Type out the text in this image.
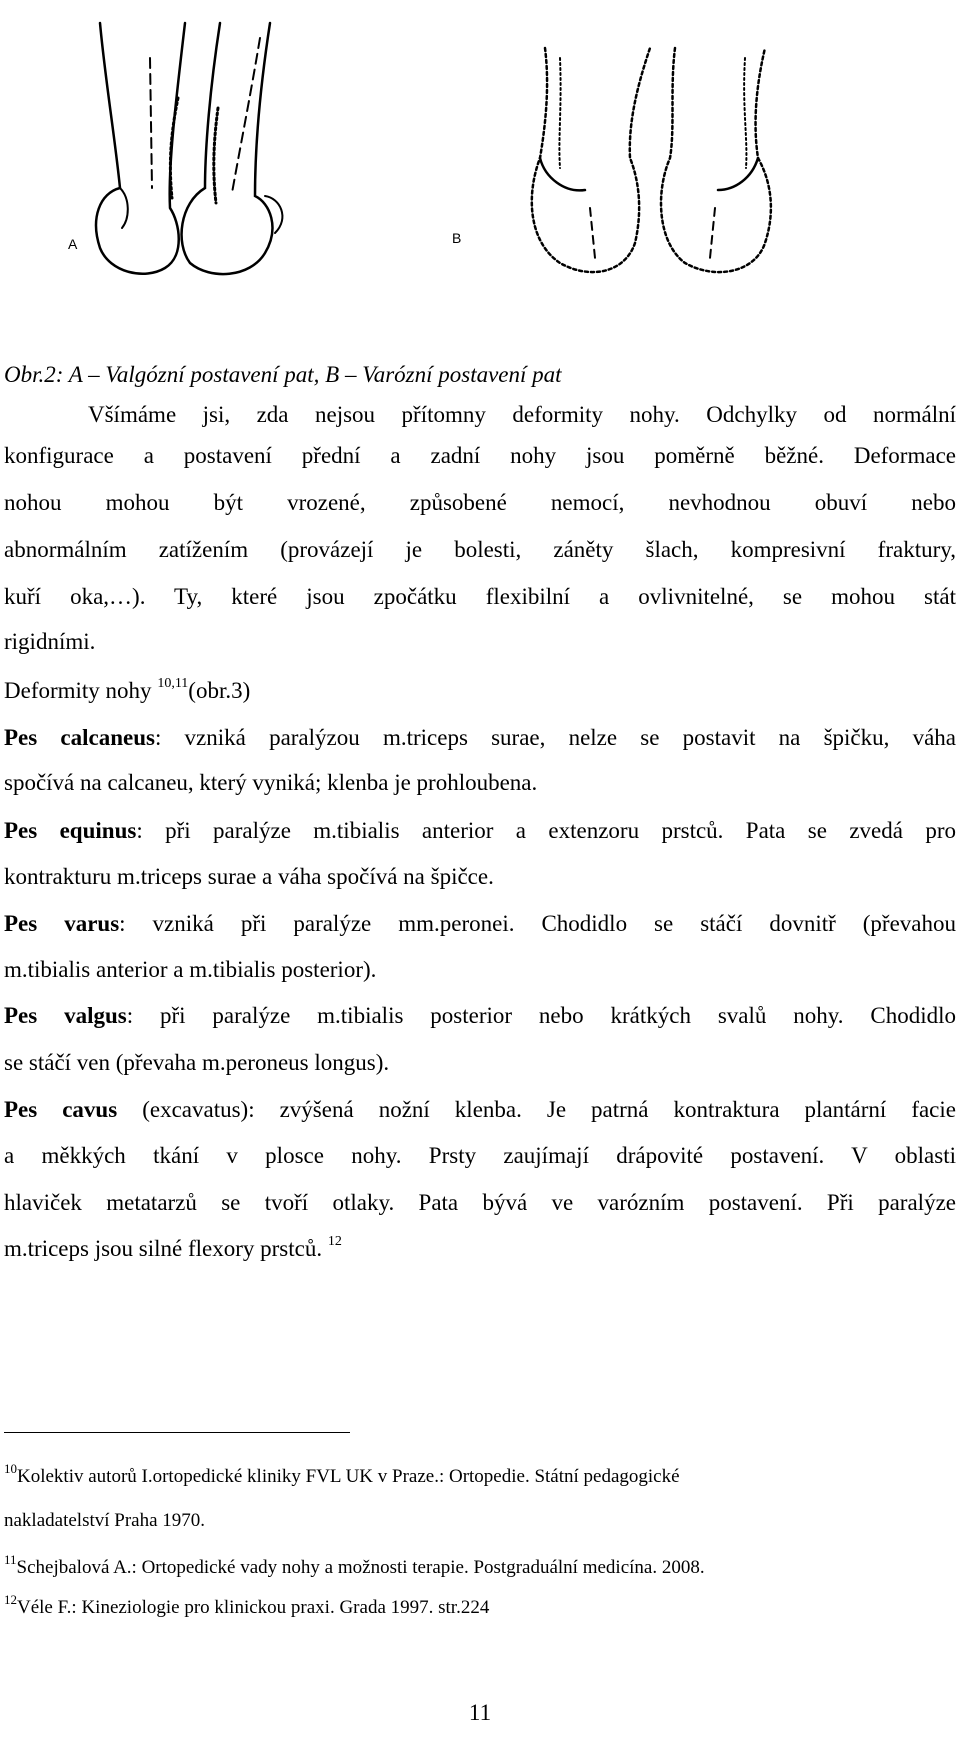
A	B
Obr.2: A – Valgózní postavení pat, B – Varózní postavení pat
Všímáme jsi, zda nejsou přítomny deformity nohy. Odchylky od normální
konfigurace a postavení přední a zadní nohy jsou poměrně běžné. Deformace
nohou mohou být vrozené, způsobené nemocí, nevhodnou obuví nebo
abnormálním zatížením (provázejí je bolesti, záněty šlach, kompresivní fraktury,
kuří oka,…). Ty, které jsou zpočátku flexibilní a ovlivnitelné, se mohou stát
rigidními.
Deformity nohy $^{10,11}$(obr.3)
Pes calcaneus: vzniká paralýzou m.triceps surae, nelze se postavit na špičku, váha
spočívá na calcaneu, který vyniká; klenba je prohloubena.
Pes equinus: při paralýze m.tibialis anterior a extenzoru prstců. Pata se zvedá pro
kontrakturu m.triceps surae a váha spočívá na špičce.
Pes varus: vzniká při paralýze mm.peronei. Chodidlo se stáčí dovnitř (převahou
m.tibialis anterior a m.tibialis posterior).
Pes valgus: při paralýze m.tibialis posterior nebo krátkých svalů nohy. Chodidlo
se stáčí ven (převaha m.peroneus longus).
Pes cavus (excavatus): zvýšená nožní klenba. Je patrná kontraktura plantární facie
a měkkých tkání v plosce nohy. Prsty zaujímají drápovité postavení. V oblasti
hlaviček metatarzů se tvoří otlaky. Pata bývá ve varózním postavení. Při paralýze
m.triceps jsou silné flexory prstců. $^{12}$
$^{10}$Kolektiv autorů I.ortopedické kliniky FVL UK v Praze.: Ortopedie. Státní pedagogické
nakladatelství Praha 1970.
$^{11}$Schejbalová A.: Ortopedické vady nohy a možnosti terapie. Postgraduální medicína. 2008.
$^{12}$Véle F.: Kineziologie pro klinickou praxi. Grada 1997. str.224
11
